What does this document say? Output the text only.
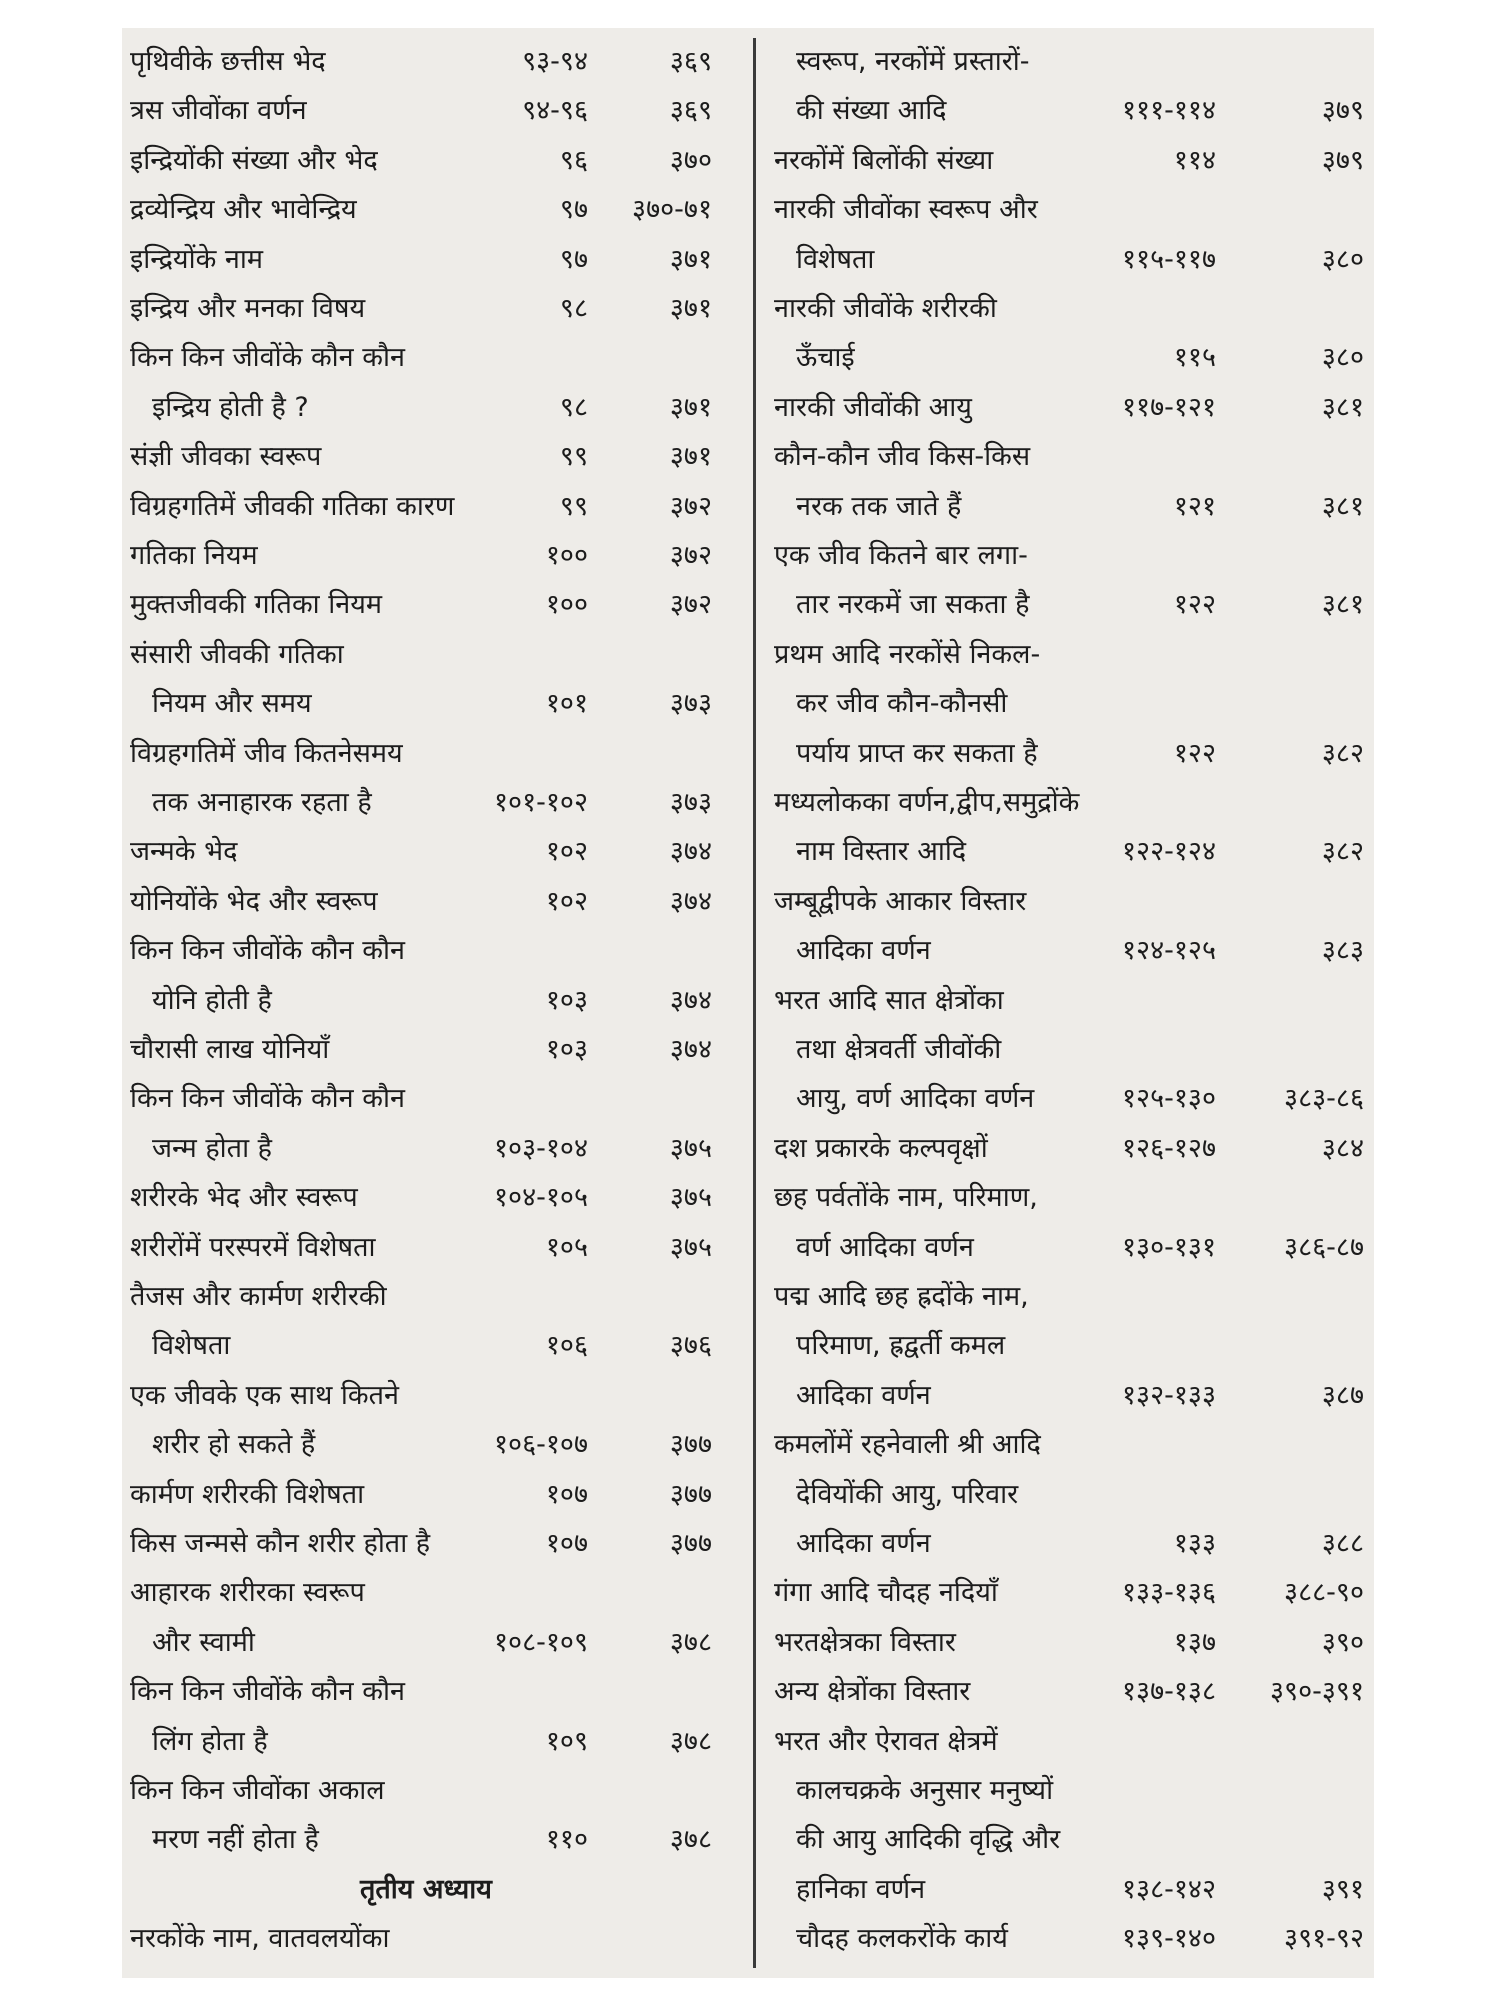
पृथिवीके छत्तीस भेद	९३-९४	३६९
त्रस जीवोंका वर्णन	९४-९६	३६९
इन्द्रियोंकी संख्या और भेद	९६	३७०
द्रव्येन्द्रिय और भावेन्द्रिय	९७ ३७०-७१
इन्द्रियोंके नाम	९७	३७१
इन्द्रिय और मनका विषय	९८	३७१
किन किन जीवोंके कौन कौन
इन्द्रिय होती है ?	९८	३७१
संज्ञी जीवका स्वरूप	९९	३७१
विग्रहगतिमें जीवकी गतिका कारण	९९	३७२
गतिका नियम	१००	३७२
मुक्तजीवकी गतिका नियम	१००	३७२
संसारी जीवकी गतिका
नियम और समय	१०१	३७३
विग्रहगतिमें जीव कितनेसमय
तक अनाहारक रहता है	१०१-१०२	३७३
जन्मके भेद	१०२	३७४
योनियोंके भेद और स्वरूप	१०२	३७४
किन किन जीवोंके कौन कौन
योनि होती है	१०३	३७४
चौरासी लाख योनियाँ	१०३	३७४
किन किन जीवोंके कौन कौन
जन्म होता है	१०३-१०४	३७५
शरीरके भेद और स्वरूप	१०४-१०५	३७५
शरीरोंमें परस्परमें विशेषता	१०५	३७५
तैजस और कार्मण शरीरकी
विशेषता	१०६	३७६
एक जीवके एक साथ कितने
शरीर हो सकते हैं	१०६-१०७	३७७
कार्मण शरीरकी विशेषता	१०७	३७७
किस जन्मसे कौन शरीर होता है	१०७	३७७
आहारक शरीरका स्वरूप
और स्वामी	१०८-१०९	३७८
किन किन जीवोंके कौन कौन
लिंग होता है	१०९	३७८
किन किन जीवोंका अकाल
मरण नहीं होता है	११०	३७८
तृतीय अध्याय
नरकोंके नाम, वातवलयोंका
स्वरूप, नरकोंमें प्रस्तारों-
की संख्या आदि	१११-११४	३७९
नरकोंमें बिलोंकी संख्या	११४	३७९
नारकी जीवोंका स्वरूप और
विशेषता	११५-११७	३८०
नारकी जीवोंके शरीरकी
ऊँचाई	११५	३८०
नारकी जीवोंकी आयु	११७-१२१	३८१
कौन-कौन जीव किस-किस
नरक तक जाते हैं	१२१	३८१
एक जीव कितने बार लगा-
तार नरकमें जा सकता है	१२२	३८१
प्रथम आदि नरकोंसे निकल-
कर जीव कौन-कौनसी
पर्याय प्राप्त कर सकता है	१२२	३८२
मध्यलोकका वर्णन,द्वीप,समुद्रोंके
नाम विस्तार आदि	१२२-१२४	३८२
जम्बूद्वीपके आकार विस्तार
आदिका वर्णन	१२४-१२५	३८३
भरत आदि सात क्षेत्रोंका
तथा क्षेत्रवर्ती जीवोंकी
आयु, वर्ण आदिका वर्णन	१२५-१३०	३८३-८६
दश प्रकारके कल्पवृक्षों	१२६-१२७	३८४
छह पर्वतोंके नाम, परिमाण,
वर्ण आदिका वर्णन	१३०-१३१	३८६-८७
पद्म आदि छह ह्रदोंके नाम,
परिमाण, ह्रद्वर्ती कमल
आदिका वर्णन	१३२-१३३	३८७
कमलोंमें रहनेवाली श्री आदि
देवियोंकी आयु, परिवार
आदिका वर्णन	१३३	३८८
गंगा आदि चौदह नदियाँ	१३३-१३६	३८८-९०
भरतक्षेत्रका विस्तार	१३७	३९०
अन्य क्षेत्रोंका विस्तार	१३७-१३८ ३९०-३९१
भरत और ऐरावत क्षेत्रमें
कालचक्रके अनुसार मनुष्यों
की आयु आदिकी वृद्धि और
हानिका वर्णन	१३८-१४२	३९१
चौदह कलकरोंके कार्य	१३९-१४०	३९१-९२
